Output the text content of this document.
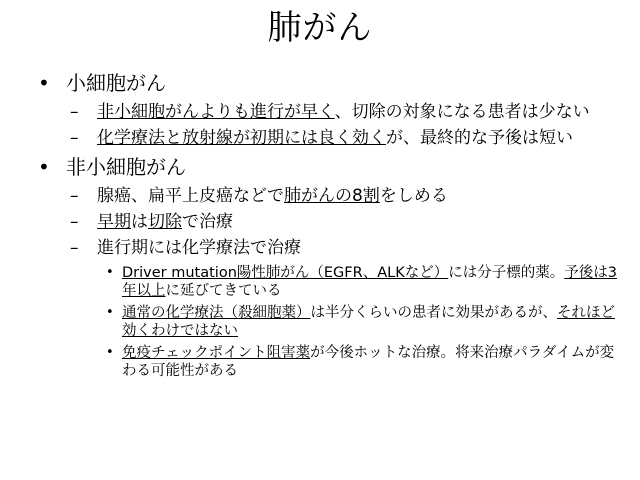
肺がん
• 小細胞がん
– 非小細胞がんよりも進行が早く、切除の対象になる患者は少ない
– 化学療法と放射線が初期には良く効くが、最終的な予後は短い
• 非小細胞がん
– 腺癌、扁平上皮癌などで肺がんの8割をしめる
– 早期は切除で治療
– 進行期には化学療法で治療
• Driver mutation陽性肺がん（EGFR、ALKなど）には分子標的薬。予後は3年以上に延びてきている
• 通常の化学療法（殺細胞薬）は半分くらいの患者に効果があるが、それほど効くわけではない
• 免疫チェックポイント阻害薬が今後ホットな治療。将来治療パラダイムが変わる可能性がある
